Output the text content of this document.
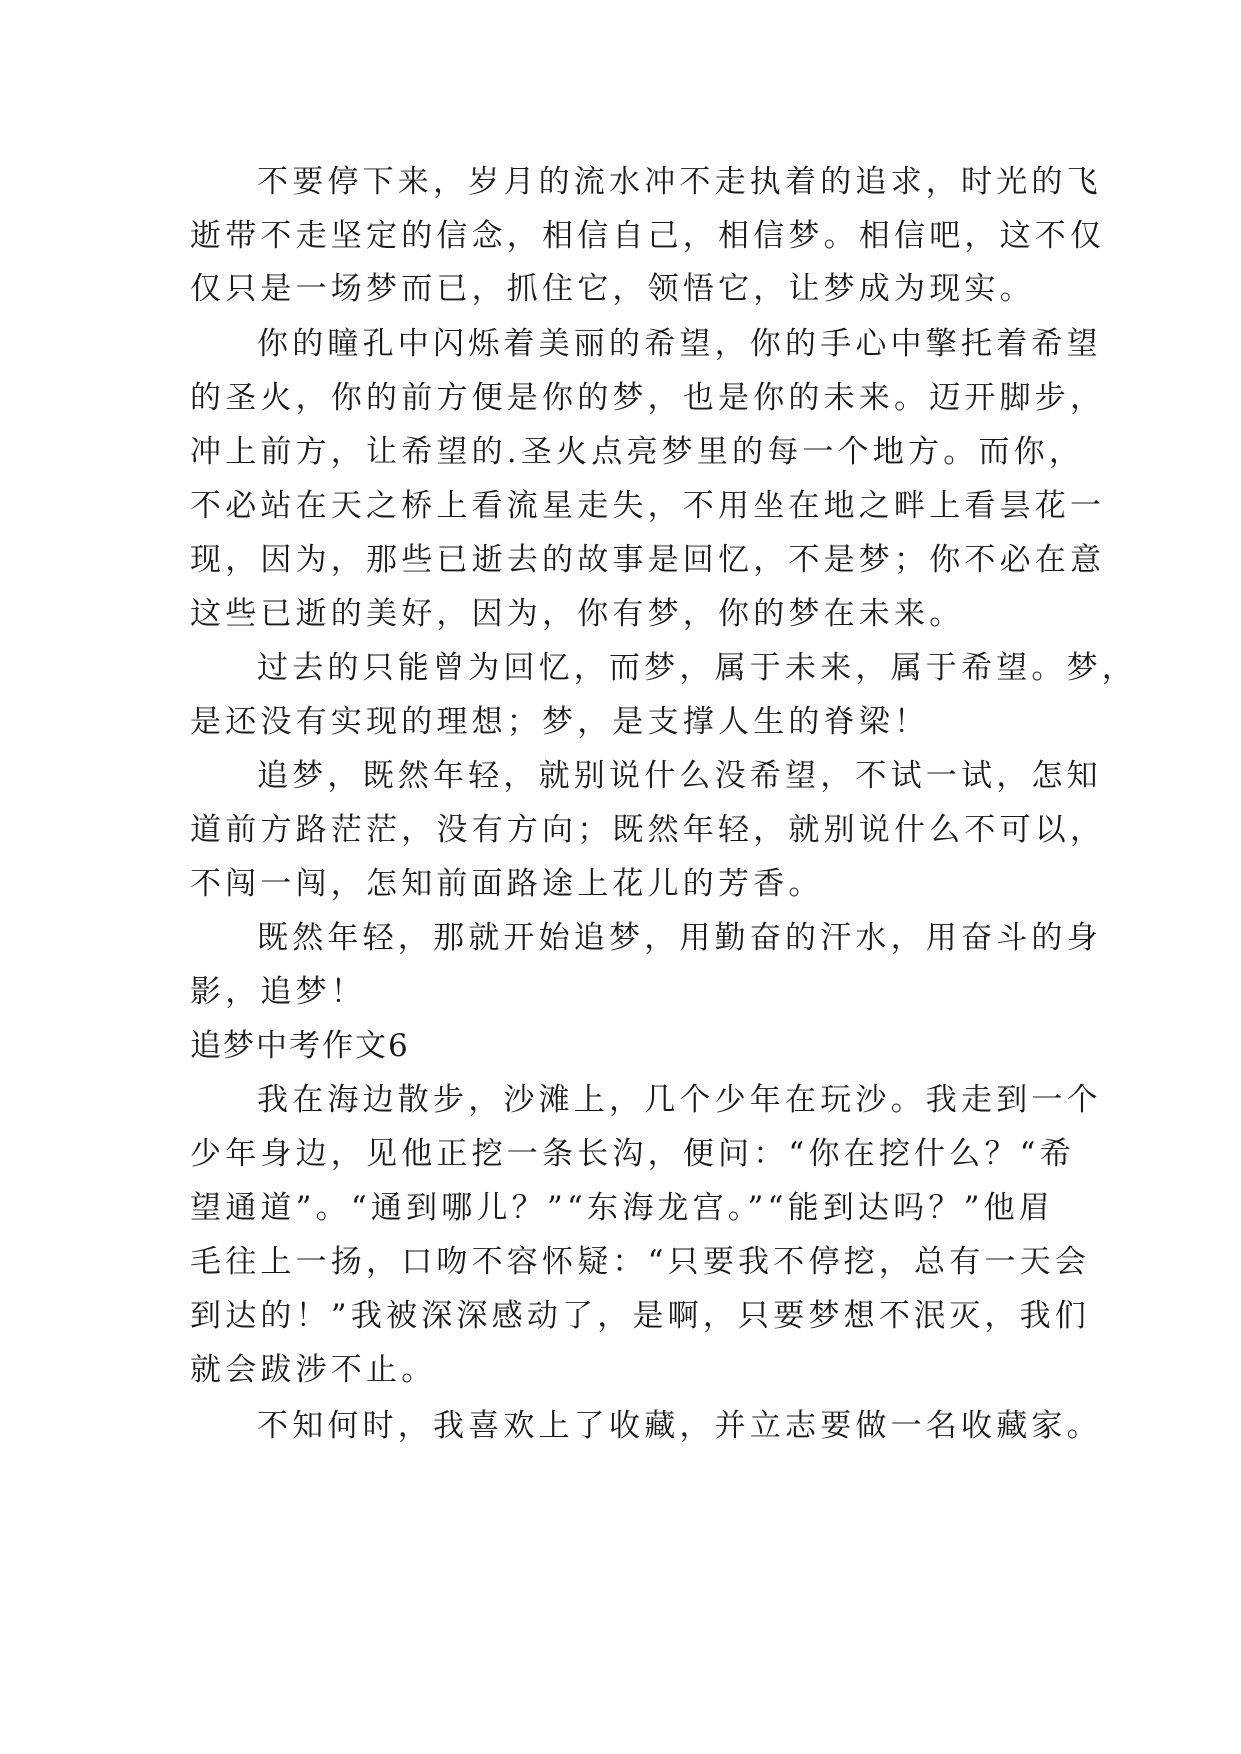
不要停下来，岁月的流水冲不走执着的追求，时光的飞
逝带不走坚定的信念，相信自己，相信梦。相信吧，这不仅
仅只是一场梦而已，抓住它，领悟它，让梦成为现实。
你的瞳孔中闪烁着美丽的希望，你的手心中擎托着希望
的圣火，你的前方便是你的梦，也是你的未来。迈开脚步，
冲上前方，让希望的.圣火点亮梦里的每一个地方。而你，
不必站在天之桥上看流星走失，不用坐在地之畔上看昙花一
现，因为，那些已逝去的故事是回忆，不是梦；你不必在意
这些已逝的美好，因为，你有梦，你的梦在未来。
过去的只能曾为回忆，而梦，属于未来，属于希望。梦，
是还没有实现的理想；梦，是支撑人生的脊梁！
追梦，既然年轻，就别说什么没希望，不试一试，怎知
道前方路茫茫，没有方向；既然年轻，就别说什么不可以，
不闯一闯，怎知前面路途上花儿的芳香。
既然年轻，那就开始追梦，用勤奋的汗水，用奋斗的身
影，追梦！
追梦中考作文6
我在海边散步，沙滩上，几个少年在玩沙。我走到一个
少年身边，见他正挖一条长沟，便问：“你在挖什么？“希
望通道”。“通到哪儿？”“东海龙宫。”“能到达吗？”他眉
毛往上一扬，口吻不容怀疑：“只要我不停挖，总有一天会
到达的！”我被深深感动了，是啊，只要梦想不泯灭，我们
就会跋涉不止。
不知何时，我喜欢上了收藏，并立志要做一名收藏家。
